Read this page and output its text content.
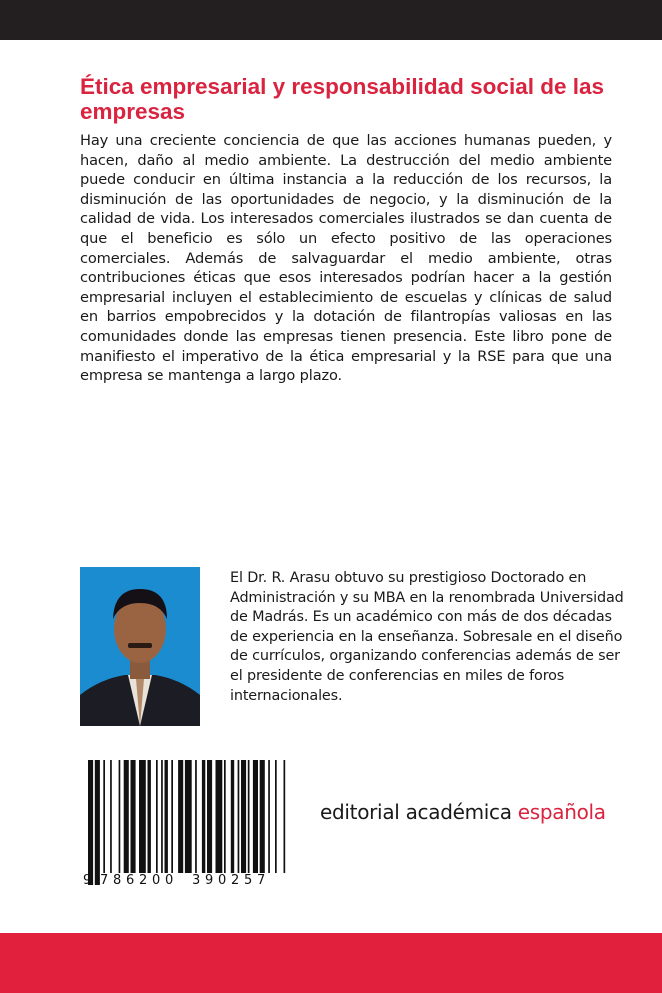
Ética empresarial y responsabilidad social de las empresas

Hay una creciente conciencia de que las acciones humanas pueden, y hacen, daño al medio ambiente. La destrucción del medio ambiente puede conducir en última instancia a la reducción de los recursos, la disminución de las oportunidades de negocio, y la disminución de la calidad de vida. Los interesados comerciales ilustrados se dan cuenta de que el beneficio es sólo un efecto positivo de las operaciones comerciales. Además de salvaguardar el medio ambiente, otras contribuciones éticas que esos interesados podrían hacer a la gestión empresarial incluyen el establecimiento de escuelas y clínicas de salud en barrios empobrecidos y la dotación de filantropías valiosas en las comunidades donde las empresas tienen presencia. Este libro pone de manifiesto el imperativo de la ética empresarial y la RSE para que una empresa se mantenga a largo plazo.

El Dr. R. Arasu obtuvo su prestigioso Doctorado en Administración y su MBA en la renombrada Universidad de Madrás. Es un académico con más de dos décadas de experiencia en la enseñanza. Sobresale en el diseño de currículos, organizando conferencias además de ser el presidente de conferencias en miles de foros internacionales.

9 7 8 6 2 0 0 3 9 0 2 5 7
editorial académica española
